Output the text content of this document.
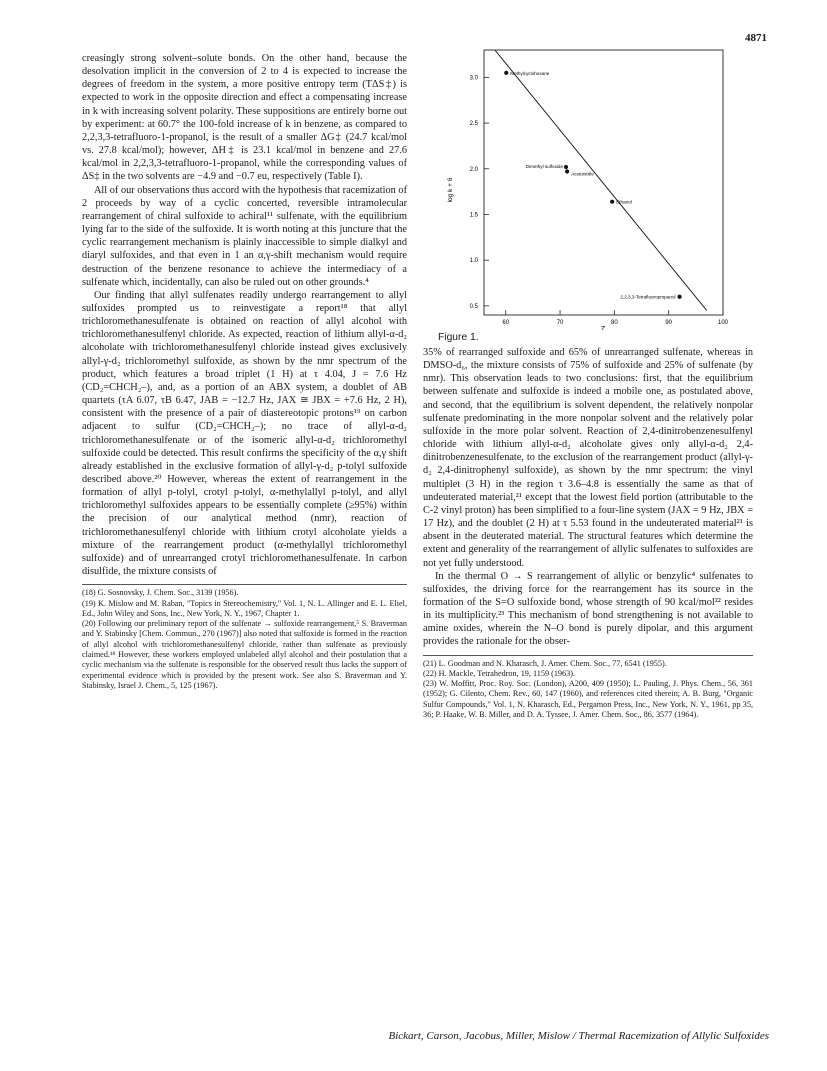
4871

creasingly strong solvent–solute bonds. On the other hand, because the desolvation implicit in the conversion of 2 to 4 is expected to increase the degrees of freedom in the system, a more positive entropy term (TΔS‡) is expected to work in the opposite direction and effect a compensating increase in k with increasing solvent polarity. These suppositions are entirely borne out by experiment: at 60.7° the 100-fold increase of k in benzene, as compared to 2,2,3,3-tetrafluoro-1-propanol, is the result of a smaller ΔG‡ (24.7 kcal/mol vs. 27.8 kcal/mol); however, ΔH‡ is 23.1 kcal/mol in benzene and 27.6 kcal/mol in 2,2,3,3-tetrafluoro-1-propanol, while the corresponding values of ΔS‡ in the two solvents are −4.9 and −0.7 eu, respectively (Table I).

All of our observations thus accord with the hypothesis that racemization of 2 proceeds by way of a cyclic concerted, reversible intramolecular rearrangement of chiral sulfoxide to achiral¹¹ sulfenate, with the equilibrium lying far to the side of the sulfoxide. It is worth noting at this juncture that the cyclic rearrangement mechanism is plainly inaccessible to simple dialkyl and diaryl sulfoxides, and that even in 1 an α,γ-shift mechanism would require destruction of the benzene resonance to achieve the intermediacy of a sulfenate which, incidentally, can also be ruled out on other grounds.⁴

Our finding that allyl sulfenates readily undergo rearrangement to allyl sulfoxides prompted us to reinvestigate a report¹⁸ that allyl trichloromethanesulfenate is obtained on reaction of allyl alcohol with trichloromethanesulfenyl chloride. As expected, reaction of lithium allyl-α-d₂ alcoholate with trichloromethanesulfenyl chloride instead gives exclusively allyl-γ-d₂ trichloromethyl sulfoxide, as shown by the nmr spectrum of the product, which features a broad triplet (1 H) at τ 4.04, J = 7.6 Hz (CD₂=CHCH₂–), and, as a portion of an ABX system, a doublet of AB quartets (τA 6.07, τB 6.47, JAB = −12.7 Hz, JAX ≅ JBX = +7.6 Hz, 2 H), consistent with the presence of a pair of diastereotopic protons¹⁹ on carbon adjacent to sulfur (CD₂=CHCH₂–); no trace of allyl-α-d₂ trichloromethanesulfenate or of the isomeric allyl-α-d₂ trichloromethyl sulfoxide could be detected. This result confirms the specificity of the α,γ shift already established in the exclusive formation of allyl-γ-d₂ p-tolyl sulfoxide described above.²⁰ However, whereas the extent of rearrangement in the formation of allyl p-tolyl, crotyl p-tolyl, α-methylallyl p-tolyl, and allyl trichloromethyl sulfoxides appears to be essentially complete (≥95%) within the precision of our analytical method (nmr), reaction of trichloromethanesulfenyl chloride with lithium crotyl alcoholate yields a mixture of the rearrangement product (α-methylallyl trichloromethyl sulfoxide) and of unrearranged crotyl trichloromethanesulfenate. In carbon disulfide, the mixture consists of

(18) G. Sosnovsky, J. Chem. Soc., 3139 (1956).

(19) K. Mislow and M. Raban, "Topics in Stereochemistry," Vol. 1, N. L. Allinger and E. L. Eliel, Ed., John Wiley and Sons, Inc., New York, N. Y., 1967, Chapter 1.

(20) Following our preliminary report of the sulfenate → sulfoxide rearrangement,⁵ S. Braverman and Y. Stabinsky [Chem. Commun., 270 (1967)] also noted that sulfoxide is formed in the reaction of allyl alcohol with trichloromethanesulfenyl chloride, rather than sulfenate as previously claimed.¹⁸ However, these workers employed unlabeled allyl alcohol and their postulation that a cyclic mechanism via the sulfenate is responsible for the observed result thus lacks the support of experimental evidence which is provided by the present work. See also S. Braverman and Y. Stabinsky, Israel J. Chem., 5, 125 (1967).

3.0
2.5
2.0
1.5
1.0
0.5
60	70	80	90	100
log k + 6
Z
Methylcyclohexane
Dimethyl sulfoxide
Acetonitrile
Ethanol
2,2,3,3-Tetrafluoropropanol
Figure 1.

35% of rearranged sulfoxide and 65% of unrearranged sulfenate, whereas in DMSO-d₆, the mixture consists of 75% of sulfoxide and 25% of sulfenate (by nmr). This observation leads to two conclusions: first, that the equilibrium between sulfenate and sulfoxide is indeed a mobile one, as postulated above, and second, that the equilibrium is solvent dependent, the relatively nonpolar sulfenate predominating in the more nonpolar solvent and the relatively polar sulfoxide in the more polar solvent. Reaction of 2,4-dinitrobenzenesulfenyl chloride with lithium allyl-α-d₂ alcoholate gives only allyl-α-d₂ 2,4-dinitrobenzenesulfenate, to the exclusion of the rearrangement product (allyl-γ-d₂ 2,4-dinitrophenyl sulfoxide), as shown by the nmr spectrum: the vinyl multiplet (3 H) in the region τ 3.6–4.8 is essentially the same as that of undeuterated material,²¹ except that the lowest field portion (attributable to the C-2 vinyl proton) has been simplified to a four-line system (JAX = 9 Hz, JBX = 17 Hz), and the doublet (2 H) at τ 5.53 found in the undeuterated material²¹ is absent in the deuterated material. The structural features which determine the extent and generality of the rearrangement of allylic sulfenates to sulfoxides are not yet fully understood.

In the thermal O → S rearrangement of allylic or benzylic⁴ sulfenates to sulfoxides, the driving force for the rearrangement has its source in the formation of the S=O sulfoxide bond, whose strength of 90 kcal/mol²² resides in its multiplicity.²³ This mechanism of bond strengthening is not available to amine oxides, wherein the N–O bond is purely dipolar, and this argument provides the rationale for the obser-

(21) L. Goodman and N. Kharasch, J. Amer. Chem. Soc., 77, 6541 (1955).

(22) H. Mackle, Tetrahedron, 19, 1159 (1963).

(23) W. Moffitt, Proc. Roy. Soc. (London), A200, 409 (1950); L. Pauling, J. Phys. Chem., 56, 361 (1952); G. Cilento, Chem. Rev., 60, 147 (1960), and references cited therein; A. B. Burg, "Organic Sulfur Compounds," Vol. 1, N. Kharasch, Ed., Pergamon Press, Inc., New York, N. Y., 1961, pp 35, 36; P. Haake, W. B. Miller, and D. A. Tyssee, J. Amer. Chem. Soc., 86, 3577 (1964).

Bickart, Carson, Jacobus, Miller, Mislow / Thermal Racemization of Allylic Sulfoxides
